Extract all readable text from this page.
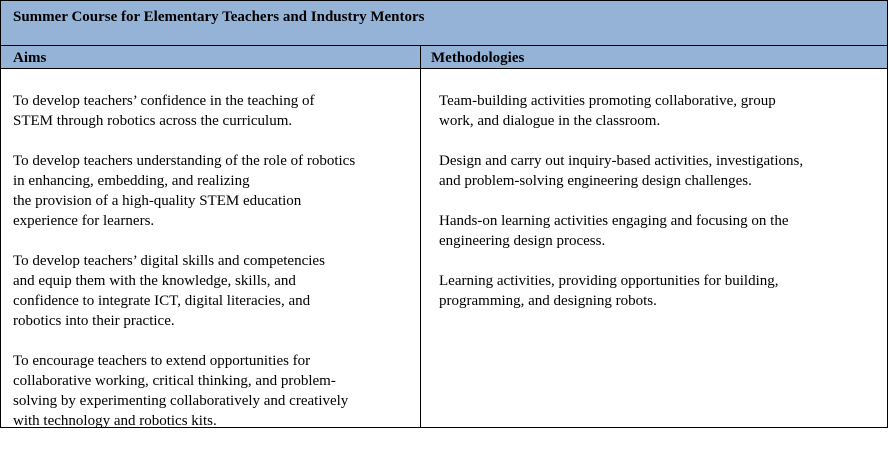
Summer Course for Elementary Teachers and Industry Mentors
Aims	Methodologies
To develop teachers’ confidence in the teaching of
STEM through robotics across the curriculum.
To develop teachers understanding of the role of robotics
in enhancing, embedding, and realizing
the provision of a high-quality STEM education
experience for learners.
To develop teachers’ digital skills and competencies
and equip them with the knowledge, skills, and
confidence to integrate ICT, digital literacies, and
robotics into their practice.
To encourage teachers to extend opportunities for
collaborative working, critical thinking, and problem-
solving by experimenting collaboratively and creatively
with technology and robotics kits.
Team-building activities promoting collaborative, group
work, and dialogue in the classroom.
Design and carry out inquiry-based activities, investigations,
and problem-solving engineering design challenges.
Hands-on learning activities engaging and focusing on the
engineering design process.
Learning activities, providing opportunities for building,
programming, and designing robots.
